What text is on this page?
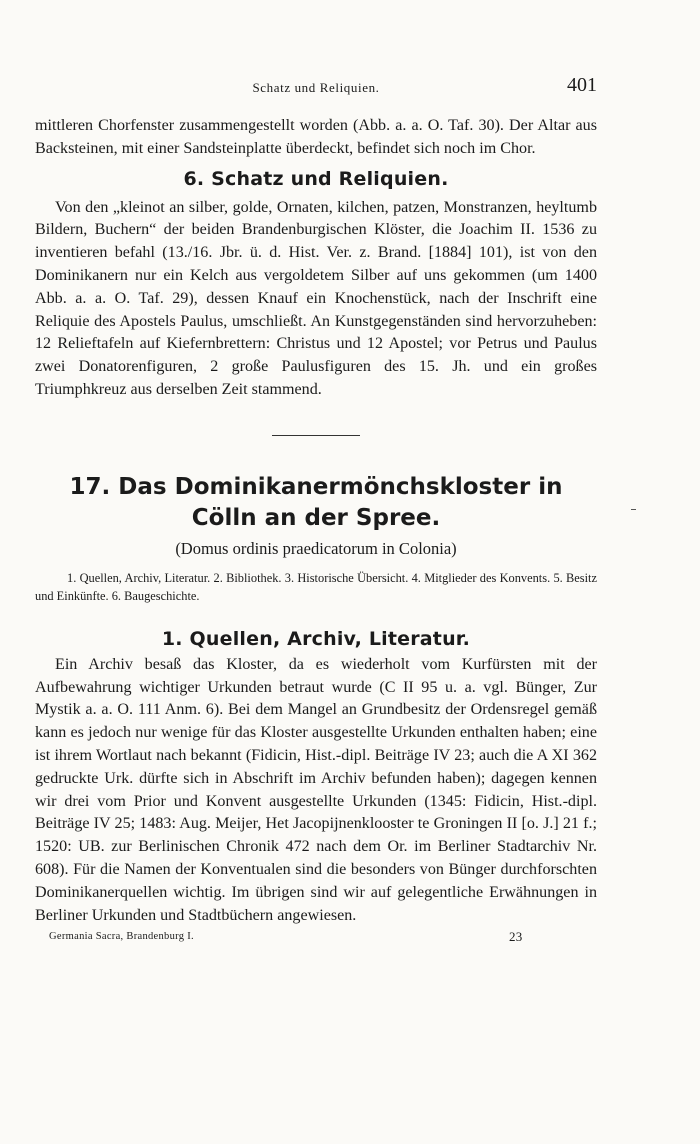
Schatz und Reliquien.	401

mittleren Chorfenster zusammengestellt worden (Abb. a. a. O. Taf. 30). Der Altar aus Backsteinen, mit einer Sandsteinplatte überdeckt, befindet sich noch im Chor.

6. Schatz und Reliquien.

Von den „kleinot an silber, golde, Ornaten, kilchen, patzen, Monstranzen, heyltumb Bildern, Buchern“ der beiden Brandenburgischen Klöster, die Joachim II. 1536 zu inventieren befahl (13./16. Jbr. ü. d. Hist. Ver. z. Brand. [1884] 101), ist von den Dominikanern nur ein Kelch aus vergoldetem Silber auf uns gekommen (um 1400 Abb. a. a. O. Taf. 29), dessen Knauf ein Knochenstück, nach der Inschrift eine Reliquie des Apostels Paulus, umschließt. An Kunstgegenständen sind hervorzuheben: 12 Relieftafeln auf Kiefernbrettern: Christus und 12 Apostel; vor Petrus und Paulus zwei Donatorenfiguren, 2 große Paulusfiguren des 15. Jh. und ein großes Triumphkreuz aus derselben Zeit stammend.

17. Das Dominikanermönchskloster in Cölln an der Spree.
(Domus ordinis praedicatorum in Colonia)

1. Quellen, Archiv, Literatur. 2. Bibliothek. 3. Historische Übersicht. 4. Mitglieder des Konvents. 5. Besitz und Einkünfte. 6. Baugeschichte.

1. Quellen, Archiv, Literatur.

Ein Archiv besaß das Kloster, da es wiederholt vom Kurfürsten mit der Aufbewahrung wichtiger Urkunden betraut wurde (C II 95 u. a. vgl. Bünger, Zur Mystik a. a. O. 111 Anm. 6). Bei dem Mangel an Grundbesitz der Ordensregel gemäß kann es jedoch nur wenige für das Kloster ausgestellte Urkunden enthalten haben; eine ist ihrem Wortlaut nach bekannt (Fidicin, Hist.-dipl. Beiträge IV 23; auch die A XI 362 gedruckte Urk. dürfte sich in Abschrift im Archiv befunden haben); dagegen kennen wir drei vom Prior und Konvent ausgestellte Urkunden (1345: Fidicin, Hist.-dipl. Beiträge IV 25; 1483: Aug. Meijer, Het Jacopijnenklooster te Groningen II [o. J.] 21 f.; 1520: UB. zur Berlinischen Chronik 472 nach dem Or. im Berliner Stadtarchiv Nr. 608). Für die Namen der Konventualen sind die besonders von Bünger durchforschten Dominikanerquellen wichtig. Im übrigen sind wir auf gelegentliche Erwähnungen in Berliner Urkunden und Stadtbüchern angewiesen.

Germania Sacra, Brandenburg I.	23
